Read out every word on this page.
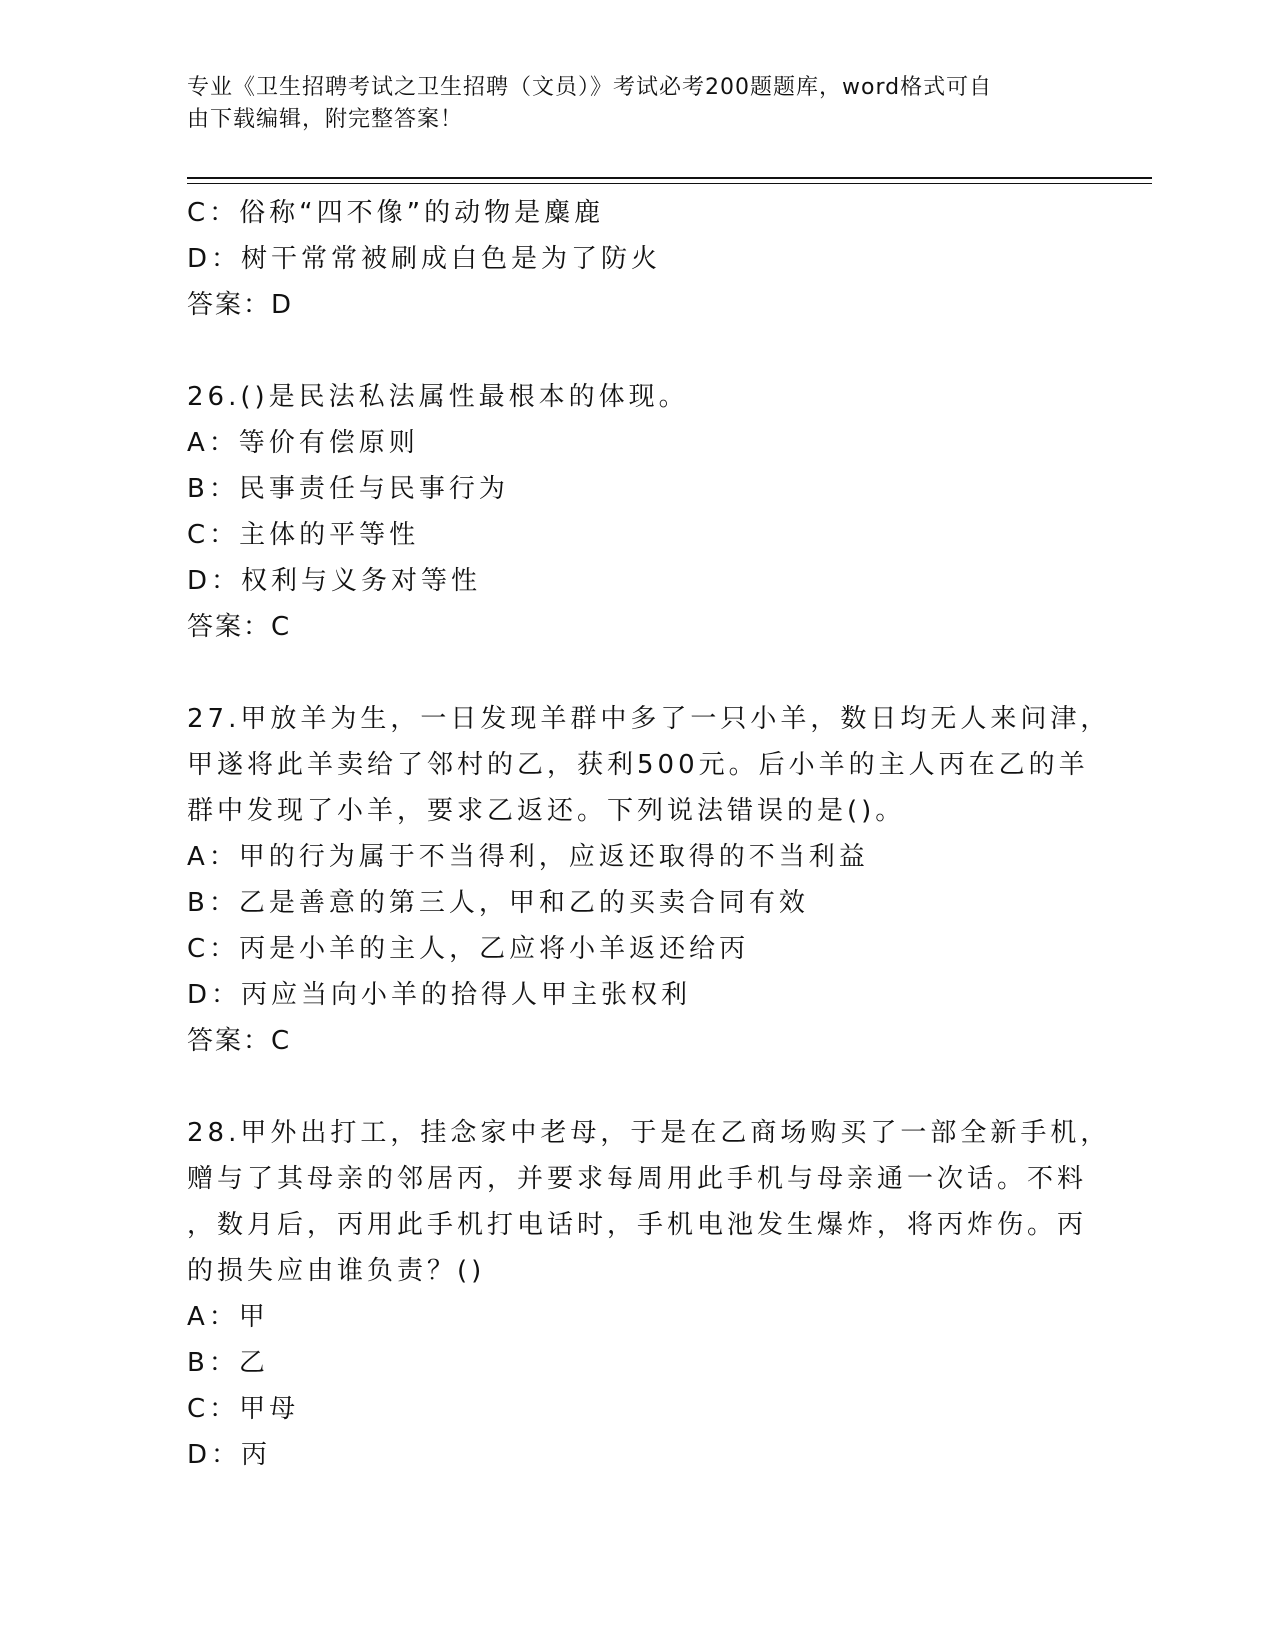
专业《卫生招聘考试之卫生招聘（文员）》考试必考200题题库，word格式可自
由下载编辑，附完整答案！
C：俗称“四不像”的动物是麋鹿
D：树干常常被刷成白色是为了防火
答案：D
26.()是民法私法属性最根本的体现。
A：等价有偿原则
B：民事责任与民事行为
C：主体的平等性
D：权利与义务对等性
答案：C
27.甲放羊为生，一日发现羊群中多了一只小羊，数日均无人来问津，
甲遂将此羊卖给了邻村的乙，获利500元。后小羊的主人丙在乙的羊
群中发现了小羊，要求乙返还。下列说法错误的是()。
A：甲的行为属于不当得利，应返还取得的不当利益
B：乙是善意的第三人，甲和乙的买卖合同有效
C：丙是小羊的主人，乙应将小羊返还给丙
D：丙应当向小羊的拾得人甲主张权利
答案：C
28.甲外出打工，挂念家中老母，于是在乙商场购买了一部全新手机，
赠与了其母亲的邻居丙，并要求每周用此手机与母亲通一次话。不料
，数月后，丙用此手机打电话时，手机电池发生爆炸，将丙炸伤。丙
的损失应由谁负责？()
A：甲
B：乙
C：甲母
D：丙
